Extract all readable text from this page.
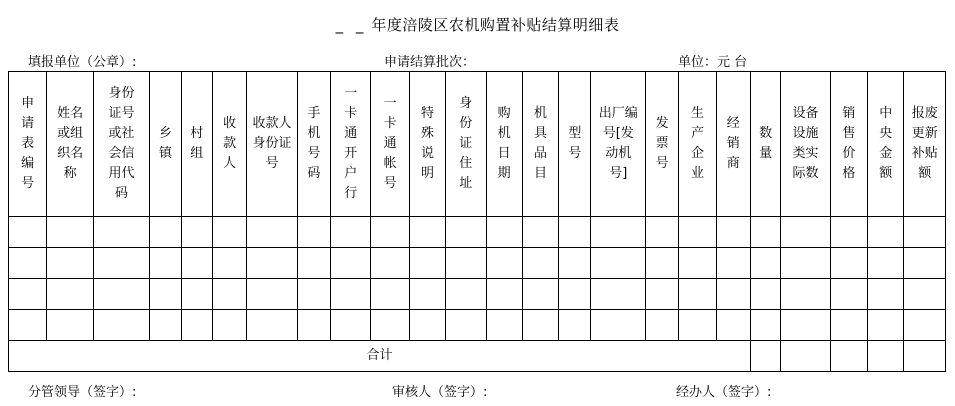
_ _ 年度涪陵区农机购置补贴结算明细表
填报单位（公章）:	申请结算批次：	单位：元 台
申请表编号	姓名或组织名称	身份证号或社会信用代码	乡镇	村组	收款人	收款人身份证号	手机号码	一卡通开户行	一卡通帐号	特殊说明	身份证住址	购机日期	机具品目	型号	出厂编号[发动机号]	发票号	生产企业	经销商	数量	设备设施类实际数	销售价格	中央金额	报废更新补贴额

合计																							
分管领导（签字）:	审核人（签字）:	经办人（签字）:
